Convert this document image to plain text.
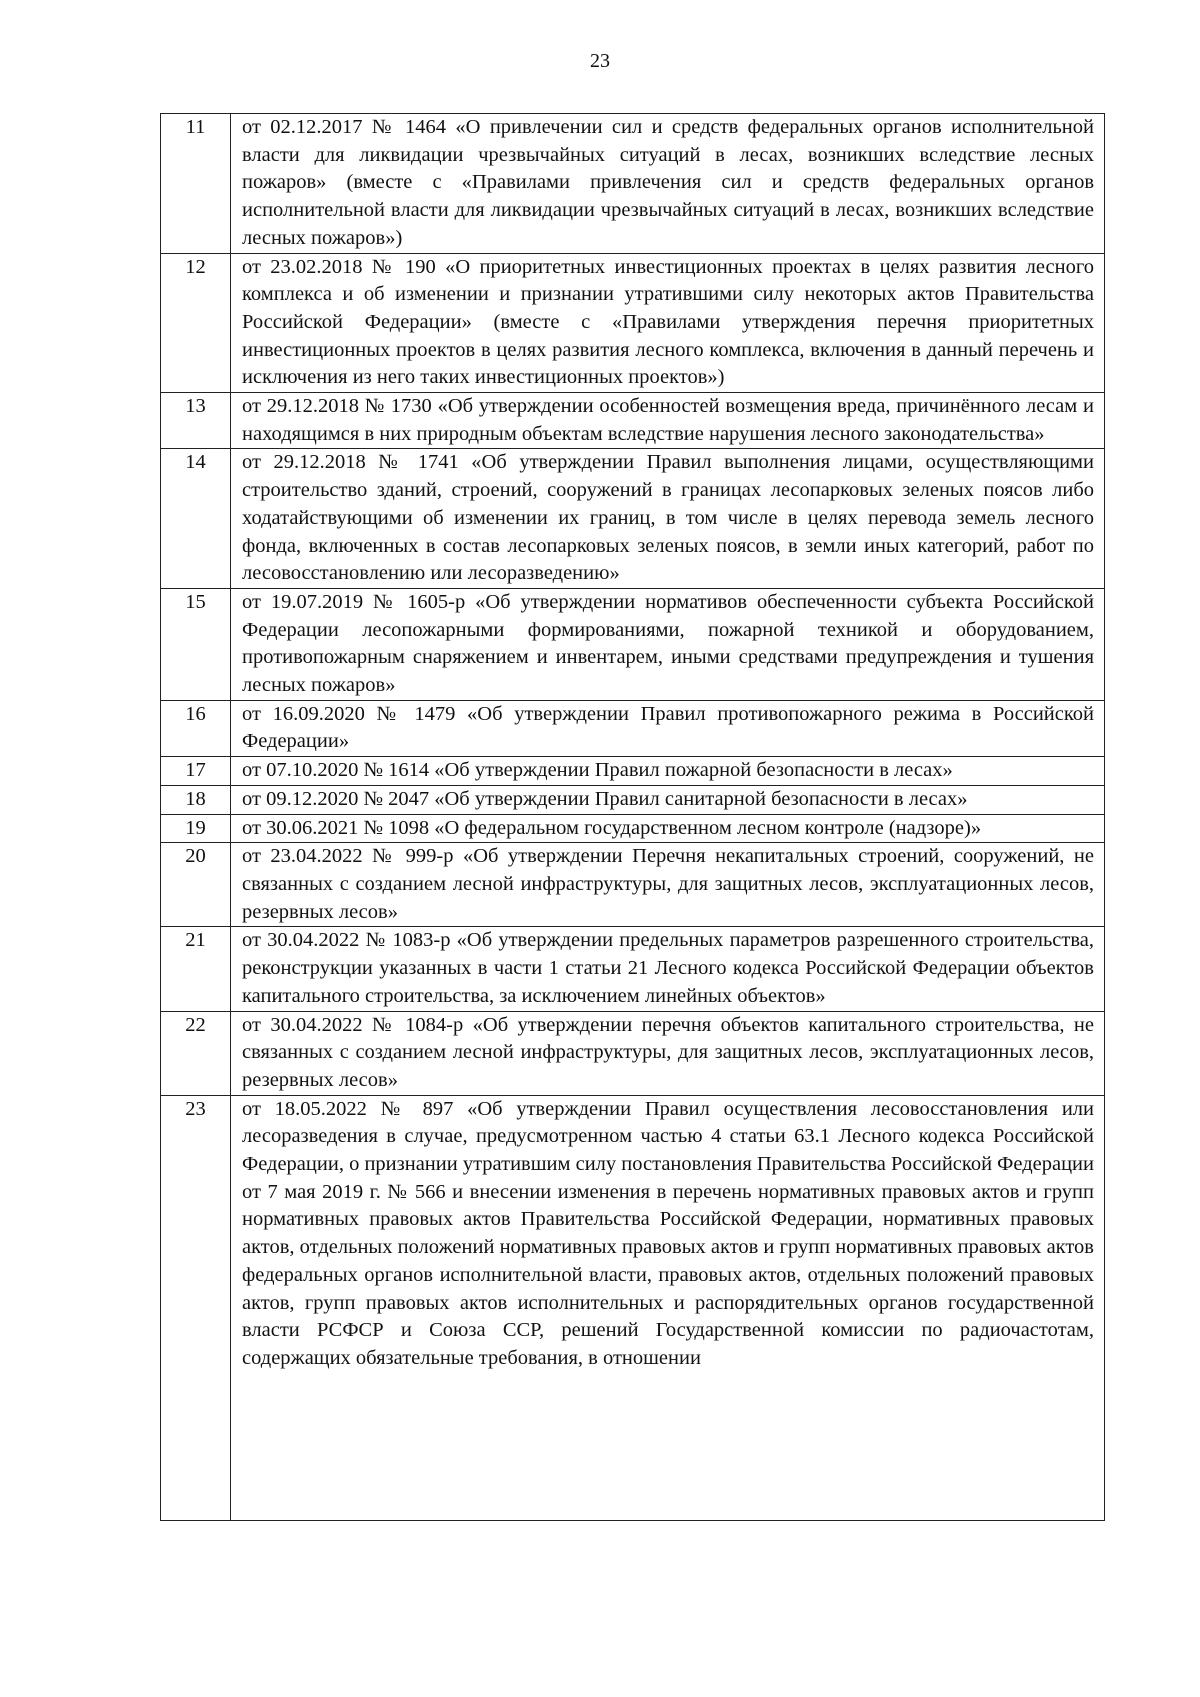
23
11	от 02.12.2017 № 1464 «О привлечении сил и средств федеральных органов исполнительной власти для ликвидации чрезвычайных ситуаций в лесах, возникших вследствие лесных пожаров» (вместе с «Правилами привлечения сил и средств федеральных органов исполнительной власти для ликвидации чрезвычайных ситуаций в лесах, возникших вследствие лесных пожаров»)
12	от 23.02.2018 № 190 «О приоритетных инвестиционных проектах в целях развития лесного комплекса и об изменении и признании утратившими силу некоторых актов Правительства Российской Федерации» (вместе с «Правилами утверждения перечня приоритетных инвестиционных проектов в целях развития лесного комплекса, включения в данный перечень и исключения из него таких инвестиционных проектов»)
13	от 29.12.2018 № 1730 «Об утверждении особенностей возмещения вреда, причинённого лесам и находящимся в них природным объектам вследствие нарушения лесного законодательства»
14	от 29.12.2018 № 1741 «Об утверждении Правил выполнения лицами, осуществляющими строительство зданий, строений, сооружений в границах лесопарковых зеленых поясов либо ходатайствующими об изменении их границ, в том числе в целях перевода земель лесного фонда, включенных в состав лесопарковых зеленых поясов, в земли иных категорий, работ по лесовосстановлению или лесоразведению»
15	от 19.07.2019 № 1605-р «Об утверждении нормативов обеспеченности субъекта Российской Федерации лесопожарными формированиями, пожарной техникой и оборудованием, противопожарным снаряжением и инвентарем, иными средствами предупреждения и тушения лесных пожаров»
16	от 16.09.2020 № 1479 «Об утверждении Правил противопожарного режима в Российской Федерации»
17	от 07.10.2020 № 1614 «Об утверждении Правил пожарной безопасности в лесах»
18	от 09.12.2020 № 2047 «Об утверждении Правил санитарной безопасности в лесах»
19	от 30.06.2021 № 1098 «О федеральном государственном лесном контроле (надзоре)»
20	от 23.04.2022 № 999-р «Об утверждении Перечня некапитальных строений, сооружений, не связанных с созданием лесной инфраструктуры, для защитных лесов, эксплуатационных лесов, резервных лесов»
21	от 30.04.2022 № 1083-р «Об утверждении предельных параметров разрешенного строительства, реконструкции указанных в части 1 статьи 21 Лесного кодекса Российской Федерации объектов капитального строительства, за исключением линейных объектов»
22	от 30.04.2022 № 1084-р «Об утверждении перечня объектов капитального строительства, не связанных с созданием лесной инфраструктуры, для защитных лесов, эксплуатационных лесов, резервных лесов»
23	от 18.05.2022 № 897 «Об утверждении Правил осуществления лесовосстановления или лесоразведения в случае, предусмотренном частью 4 статьи 63.1 Лесного кодекса Российской Федерации, о признании утратившим силу постановления Правительства Российской Федерации от 7 мая 2019 г. № 566 и внесении изменения в перечень нормативных правовых актов и групп нормативных правовых актов Правительства Российской Федерации, нормативных правовых актов, отдельных положений нормативных правовых актов и групп нормативных правовых актов федеральных органов исполнительной власти, правовых актов, отдельных положений правовых актов, групп правовых актов исполнительных и распорядительных органов государственной власти РСФСР и Союза ССР, решений Государственной комиссии по радиочастотам, содержащих обязательные требования, в отношении
